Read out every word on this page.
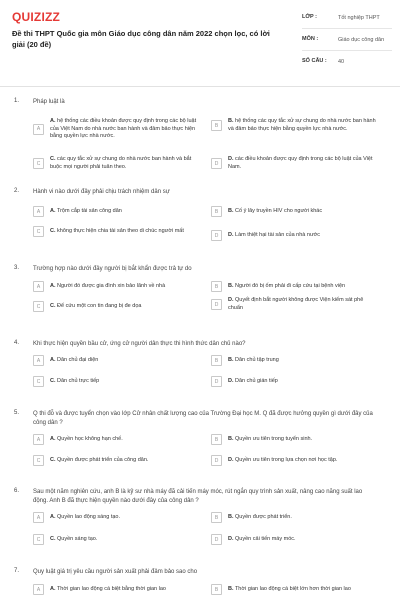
QUIZIZZ
Đề thi THPT Quốc gia môn Giáo dục công dân năm 2022 chọn lọc, có lời giải (20 đề)
LỚP :	Tốt nghiệp THPT
MÔN :	Giáo dục công dân
SỐ CÂU :	40
1. Pháp luật là
A
A. hệ thống các điều khoản được quy định trong các bộ luật của Việt Nam do nhà nước ban hành và đảm bảo thực hiện bằng quyền lực nhà nước.
B
B. hệ thống các quy tắc xử sự chung do nhà nước ban hành và đảm bảo thực hiện bằng quyền lực nhà nước.
C
C. các quy tắc xử sự chung do nhà nước ban hành và bắt buộc mọi người phải tuân theo.	D
D. các điều khoản được quy định trong các bộ luật của Việt Nam.
2. Hành vi nào dưới đây phải chịu trách nhiệm dân sự
A	A. Trộm cắp tài sản công dân	B	B. Cố ý lây truyền HIV cho người khác
C	C. không thực hiện chia tài sản theo di chúc người mất
D	D. Làm thiệt hại tài sản của nhà nước
3. Trường hợp nào dưới đây người bị bắt khẩn được trả tự do
A	A. Người đó được gia đình xin bảo lãnh về nhà	B	B. Người đó bị ốm phải đi cấp cứu tại bệnh viện
C	C. Để cứu một con tin đang bị đe dọa	D
D. Quyết định bắt người không được Viện kiểm sát phê chuẩn
4. Khi thực hiện quyền bầu cử, ứng cử người dân thực thi hình thức dân chủ nào?
A	A. Dân chủ đại diện	B	B. Dân chủ tập trung
C	C. Dân chủ trực tiếp	D	D. Dân chủ gián tiếp
5. Q thi đỗ và được tuyển chọn vào lớp Cử nhân chất lượng cao của Trường Đại học M. Q đã được hưởng quyền gì dưới đây của công dân ?
A	A. Quyền học không hạn chế.	B	B. Quyền ưu tiên trong tuyển sinh.
C	C. Quyền được phát triển của công dân.	D	D. Quyền ưu tiên trong lựa chọn nơi học tập.
6. Sau một năm nghiên cứu, anh B là kỹ sư nhà máy đã cải tiến máy móc, rút ngắn quy trình sản xuất, nâng cao năng suất lao động. Anh B đã thực hiện quyền nào dưới đây của công dân ?
A	A. Quyền lao động sáng tạo.	B	B. Quyền được phát triển.
C	C. Quyền sáng tạo.	D	D. Quyền cải tiến máy móc.
7. Quy luật giá trị yêu cầu người sản xuất phải đảm bảo sao cho
A	A. Thời gian lao động cá biệt bằng thời gian lao	B	B. Thời gian lao động cá biệt lớn hơn thời gian lao
